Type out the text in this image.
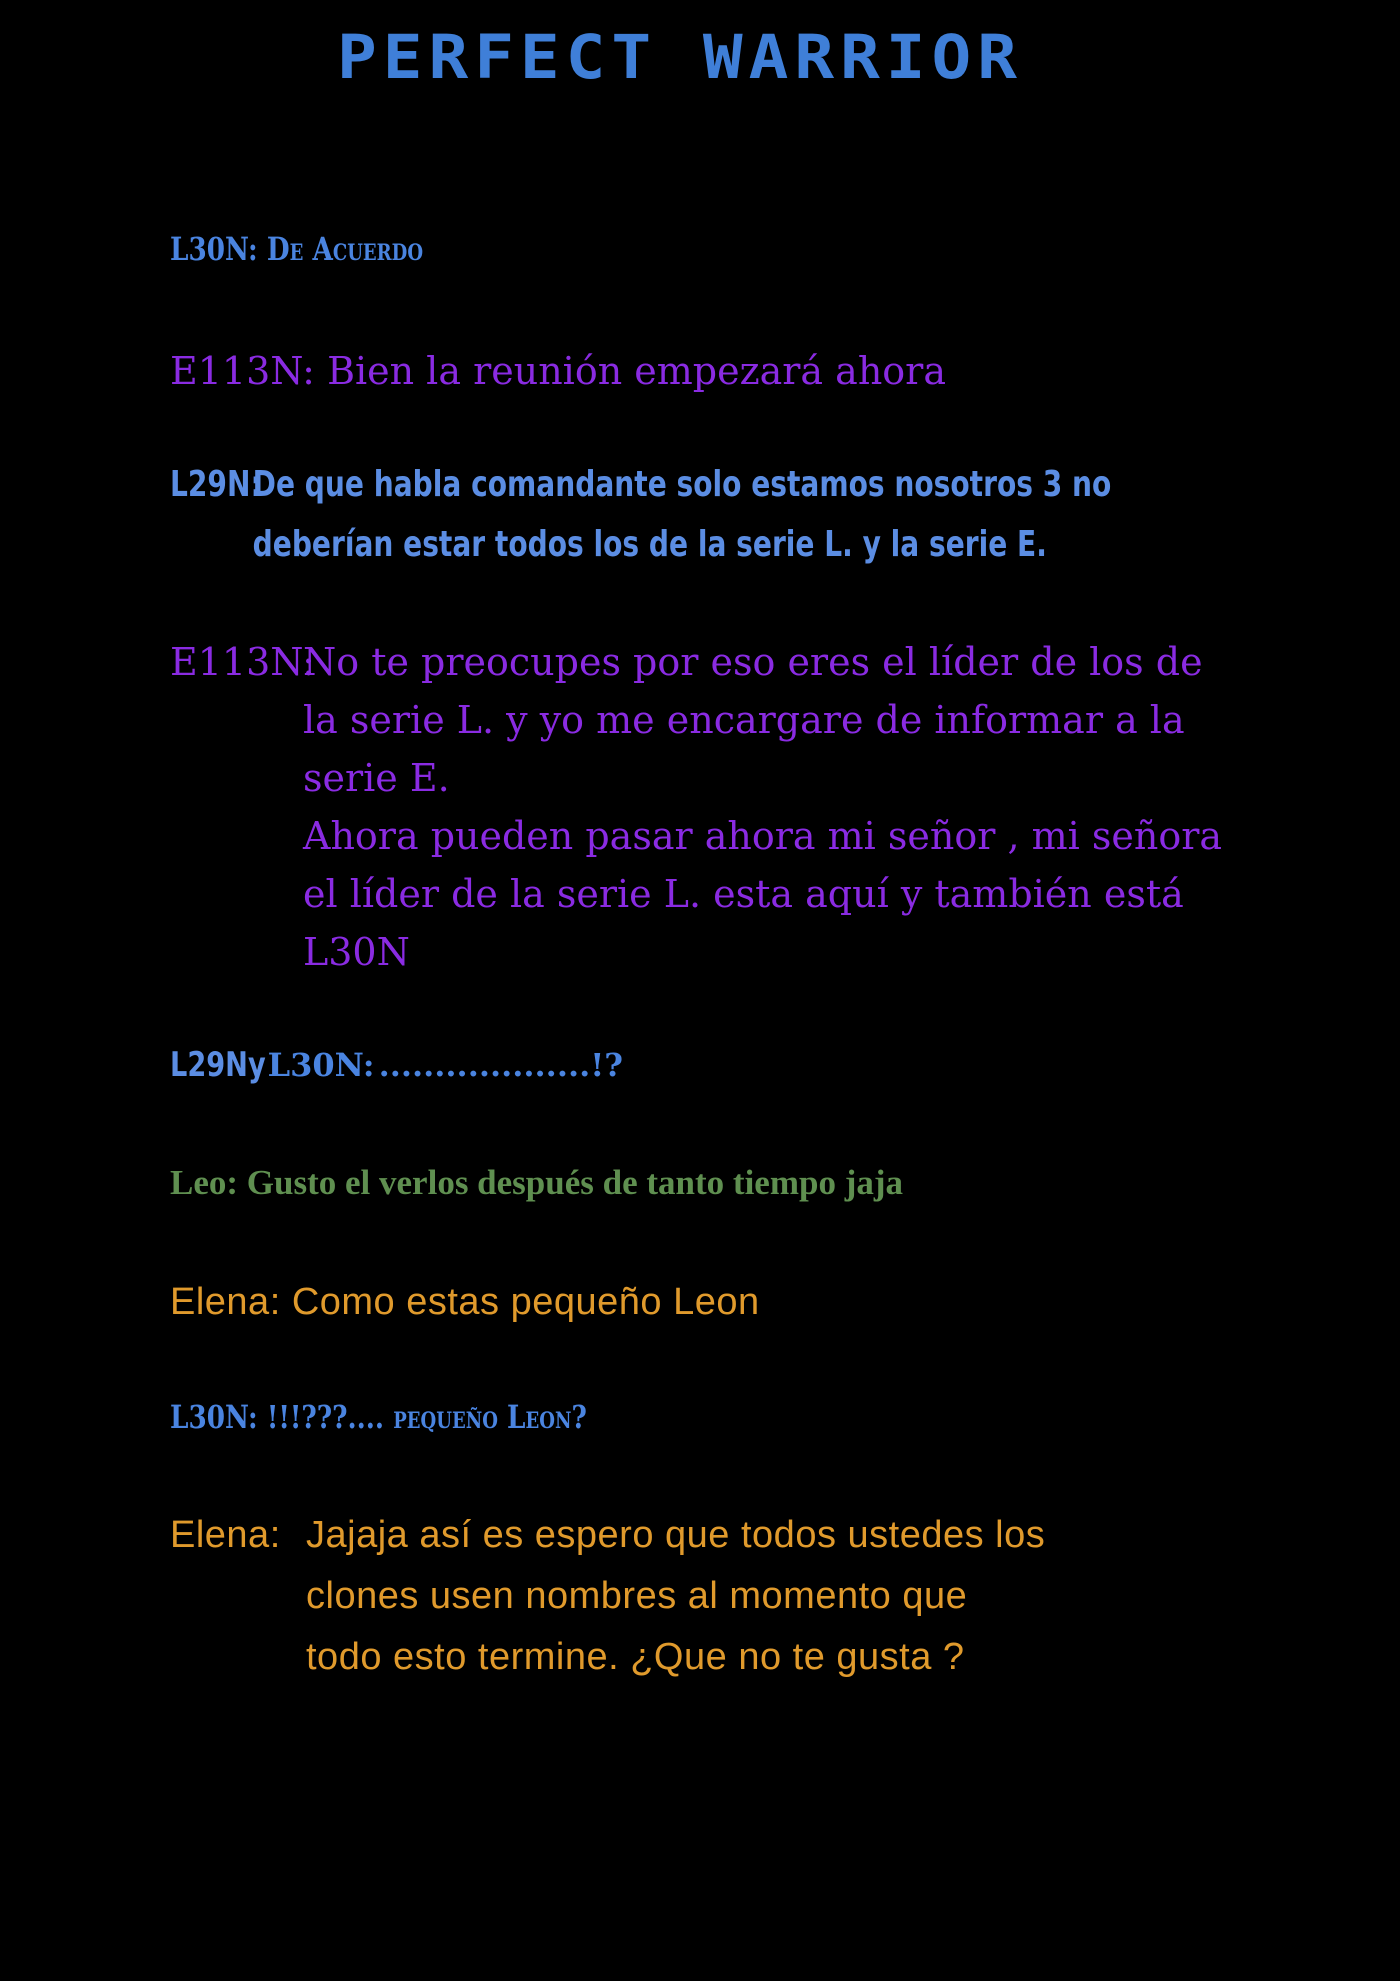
PERFECT WARRIOR
L30N: De Acuerdo
E113N: Bien la reunión empezará ahora
L29N:
De que habla comandante solo estamos nosotros 3 no
deberían estar todos los de la serie L. y la serie E.
E113N:
No te preocupes por eso eres el líder de los de
la serie L. y yo me encargare de informar a la
serie E.
Ahora pueden pasar ahora mi señor , mi señora
el líder de la serie L. esta aquí y también está
L30N
L29NyL30N: ...................!?
Leo: Gusto el verlos después de tanto tiempo jaja
Elena: Como estas pequeño Leon
L30N: !!!???.... pequeño Leon?
Elena: Jajaja así es espero que todos ustedes los
clones usen nombres al momento que
todo esto termine. ¿Que no te gusta ?
